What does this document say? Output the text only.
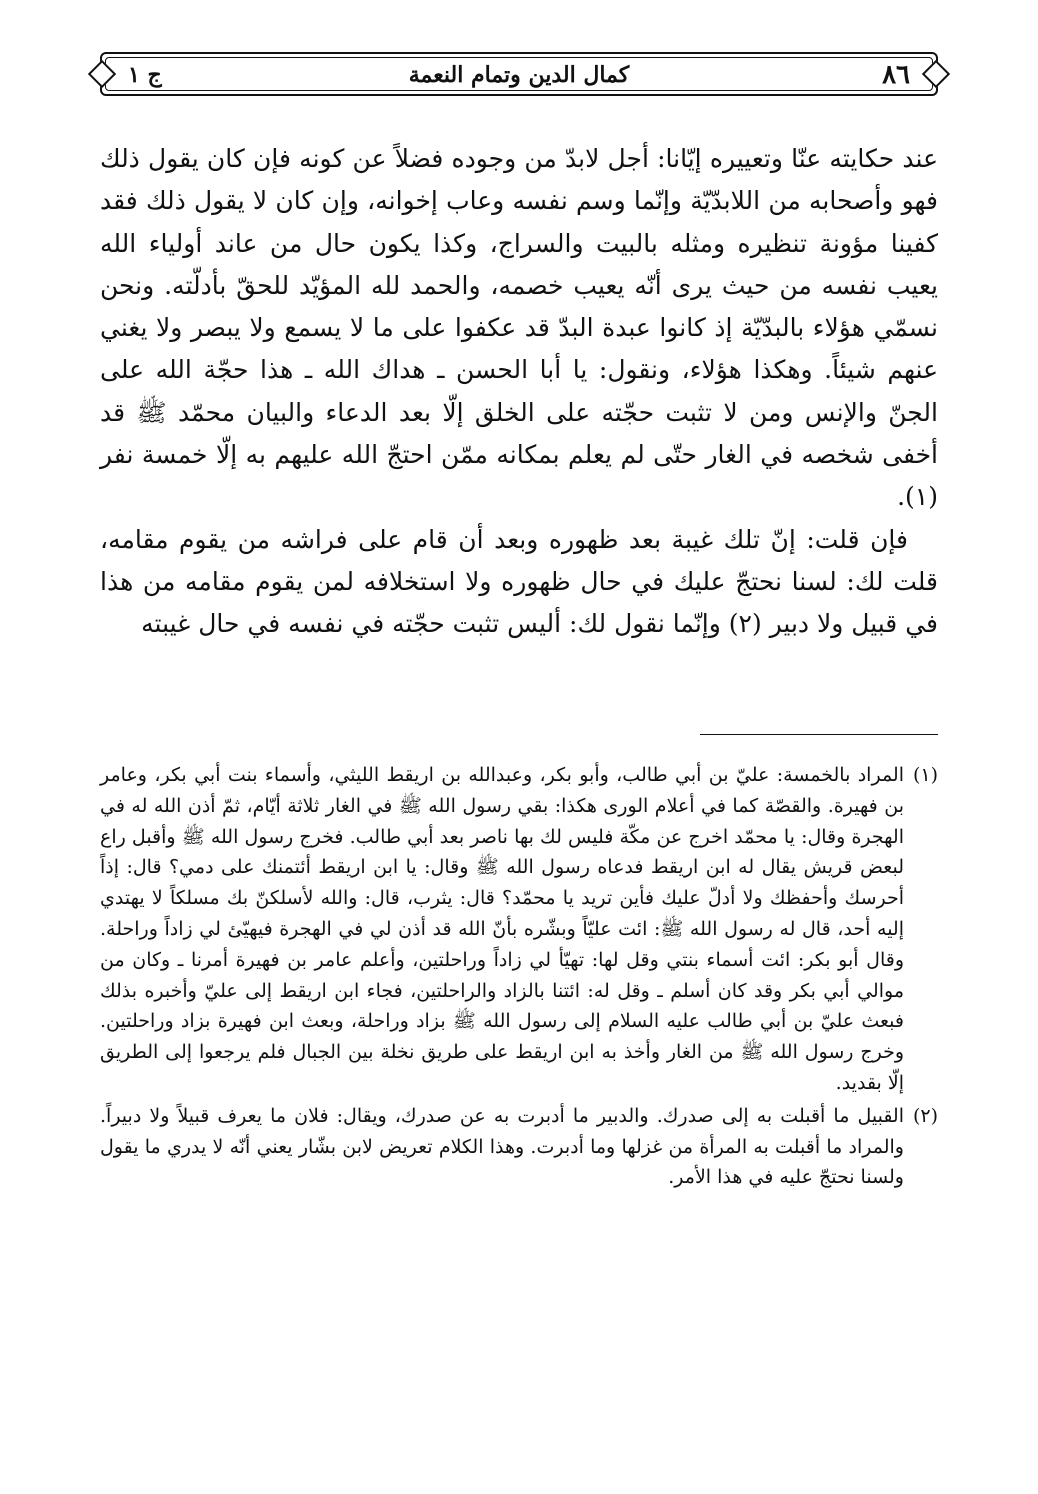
٨٦
كمال الدين وتمام النعمة
ج ١

عند حكايته عنّا وتعييره إيّانا: أجل لابدّ من وجوده فضلاً عن كونه فإن كان يقول ذلك فهو وأصحابه من اللابدّيّة وإنّما وسم نفسه وعاب إخوانه، وإن كان لا يقول ذلك فقد كفينا مؤونة تنظيره ومثله بالبيت والسراج، وكذا يكون حال من عاند أولياء الله يعيب نفسه من حيث يرى أنّه يعيب خصمه، والحمد لله المؤيّد للحقّ بأدلّته. ونحن نسمّي هؤلاء بالبدّيّة إذ كانوا عبدة البدّ قد عكفوا على ما لا يسمع ولا يبصر ولا يغني عنهم شيئاً. وهكذا هؤلاء، ونقول: يا أبا الحسن ـ هداك الله ـ هذا حجّة الله على الجنّ والإنس ومن لا تثبت حجّته على الخلق إلّا بعد الدعاء والبيان محمّد ﷺ قد أخفى شخصه في الغار حتّى لم يعلم بمكانه ممّن احتجّ الله عليهم به إلّا خمسة نفر (١).

فإن قلت: إنّ تلك غيبة بعد ظهوره وبعد أن قام على فراشه من يقوم مقامه، قلت لك: لسنا نحتجّ عليك في حال ظهوره ولا استخلافه لمن يقوم مقامه من هذا في قبيل ولا دبير (٢) وإنّما نقول لك: أليس تثبت حجّته في نفسه في حال غيبته

(١)
المراد بالخمسة: عليّ بن أبي طالب، وأبو بكر، وعبدالله بن اريقط الليثي، وأسماء بنت أبي بكر، وعامر بن فهيرة. والقصّة كما في أعلام الورى هكذا: بقي رسول الله ﷺ في الغار ثلاثة أيّام، ثمّ أذن الله له في الهجرة وقال: يا محمّد اخرج عن مكّة فليس لك بها ناصر بعد أبي طالب. فخرج رسول الله ﷺ وأقبل راع لبعض قريش يقال له ابن اريقط فدعاه رسول الله ﷺ وقال: يا ابن اريقط أئتمنك على دمي؟ قال: إذاً أحرسك وأحفظك ولا أدلّ عليك فأين تريد يا محمّد؟ قال: يثرب، قال: والله لأسلكنّ بك مسلكاً لا يهتدي إليه أحد، قال له رسول الله ﷺ: ائت عليّاً وبشّره بأنّ الله قد أذن لي في الهجرة فيهيّئ لي زاداً وراحلة. وقال أبو بكر: ائت أسماء بنتي وقل لها: تهيّأ لي زاداً وراحلتين، وأعلم عامر بن فهيرة أمرنا ـ وكان من موالي أبي بكر وقد كان أسلم ـ وقل له: ائتنا بالزاد والراحلتين، فجاء ابن اريقط إلى عليّ وأخبره بذلك فبعث عليّ بن أبي طالب عليه السلام إلى رسول الله ﷺ بزاد وراحلة، وبعث ابن فهيرة بزاد وراحلتين. وخرج رسول الله ﷺ من الغار وأخذ به ابن اريقط على طريق نخلة بين الجبال فلم يرجعوا إلى الطريق إلّا بقديد.

(٢)
القبيل ما أقبلت به إلى صدرك. والدبير ما أدبرت به عن صدرك، ويقال: فلان ما يعرف قبيلاً ولا دبيراً. والمراد ما أقبلت به المرأة من غزلها وما أدبرت. وهذا الكلام تعريض لابن بشّار يعني أنّه لا يدري ما يقول ولسنا نحتجّ عليه في هذا الأمر.
